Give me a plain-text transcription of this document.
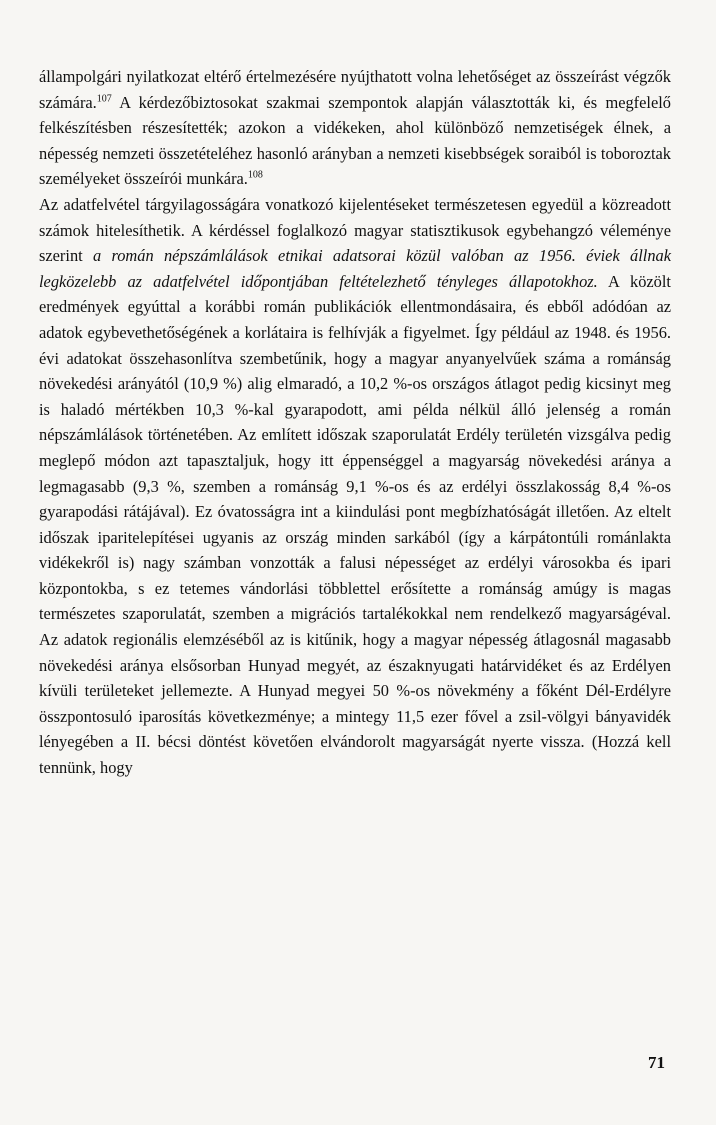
állampolgári nyilatkozat eltérő értelmezésére nyújthatott volna lehetőséget az összeírást végzők számára.$^{107}$ A kérdezőbiztosokat szakmai szempontok alapján választották ki, és megfelelő felkészítésben részesítették; azokon a vidékeken, ahol különböző nemzetiségek élnek, a népesség nemzeti összetételéhez hasonló arányban a nemzeti kisebbségek soraiból is toboroztak személyeket összeírói munkára.$^{108}$

Az adatfelvétel tárgyilagosságára vonatkozó kijelentéseket természetesen egyedül a közreadott számok hitelesíthetik. A kérdéssel foglalkozó magyar statisztikusok egybehangzó véleménye szerint a román népszámlálások etnikai adatsorai közül valóban az 1956. éviek állnak legközelebb az adatfelvétel időpontjában feltételezhető tényleges állapotokhoz. A közölt eredmények egyúttal a korábbi román publikációk ellentmondásaira, és ebből adódóan az adatok egybevethetőségének a korlátaira is felhívják a figyelmet. Így például az 1948. és 1956. évi adatokat összehasonlítva szembetűnik, hogy a magyar anyanyelvűek száma a románság növekedési arányától (10,9 %) alig elmaradó, a 10,2 %-os országos átlagot pedig kicsinyt meg is haladó mértékben 10,3 %-kal gyarapodott, ami példa nélkül álló jelenség a román népszámlálások történetében. Az említett időszak szaporulatát Erdély területén vizsgálva pedig meglepő módon azt tapasztaljuk, hogy itt éppenséggel a magyarság növekedési aránya a legmagasabb (9,3 %, szemben a románság 9,1 %-os és az erdélyi összlakosság 8,4 %-os gyarapodási rátájával). Ez óvatosságra int a kiindulási pont megbízhatóságát illetően. Az eltelt időszak iparitelepítései ugyanis az ország minden sarkából (így a kárpátontúli románlakta vidékekről is) nagy számban vonzották a falusi népességet az erdélyi városokba és ipari központokba, s ez tetemes vándorlási többlettel erősítette a románság amúgy is magas természetes szaporulatát, szemben a migrációs tartalékokkal nem rendelkező magyarságéval. Az adatok regionális elemzéséből az is kitűnik, hogy a magyar népesség átlagosnál magasabb növekedési aránya elsősorban Hunyad megyét, az északnyugati határvidéket és az Erdélyen kívüli területeket jellemezte. A Hunyad megyei 50 %-os növekmény a főként Dél-Erdélyre összpontosuló iparosítás következménye; a mintegy 11,5 ezer fővel a zsil-völgyi bányavidék lényegében a II. bécsi döntést követően elvándorolt magyarságát nyerte vissza. (Hozzá kell tennünk, hogy

71
